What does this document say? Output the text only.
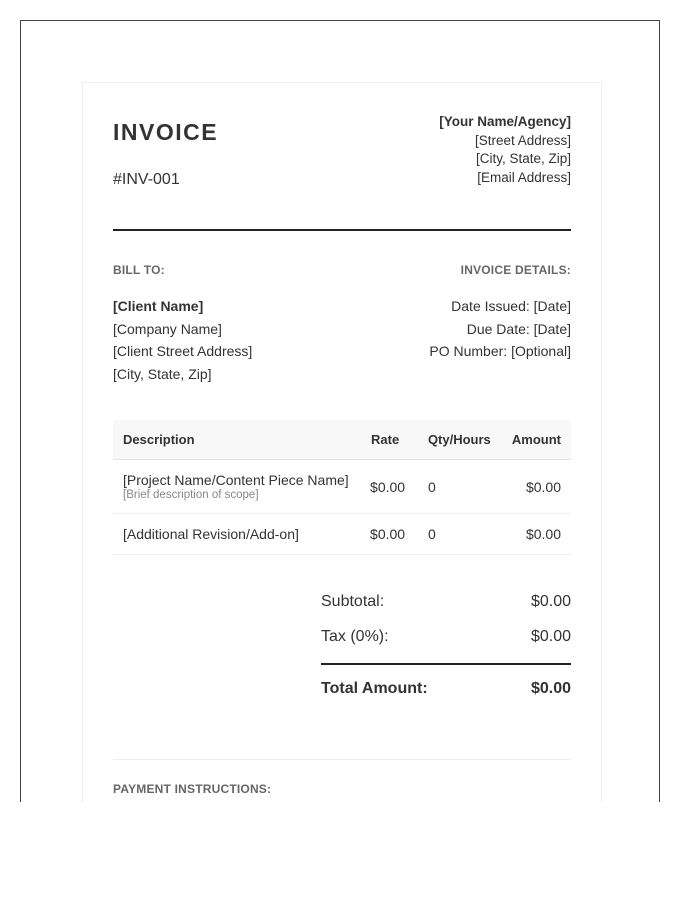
INVOICE
#INV-001
[Your Name/Agency]
[Street Address]
[City, State, Zip]
[Email Address]
BILL TO:
[Client Name]
[Company Name]
[Client Street Address]
[City, State, Zip]
INVOICE DETAILS:
Date Issued: [Date]
Due Date: [Date]
PO Number: [Optional]
Description	Rate	Qty/Hours	Amount
[Project Name/Content Piece Name]
[Brief description of scope]	$0.00	0	$0.00
[Additional Revision/Add-on]	$0.00	0	$0.00
Subtotal:	$0.00
Tax (0%):	$0.00
Total Amount:	$0.00
PAYMENT INSTRUCTIONS:
